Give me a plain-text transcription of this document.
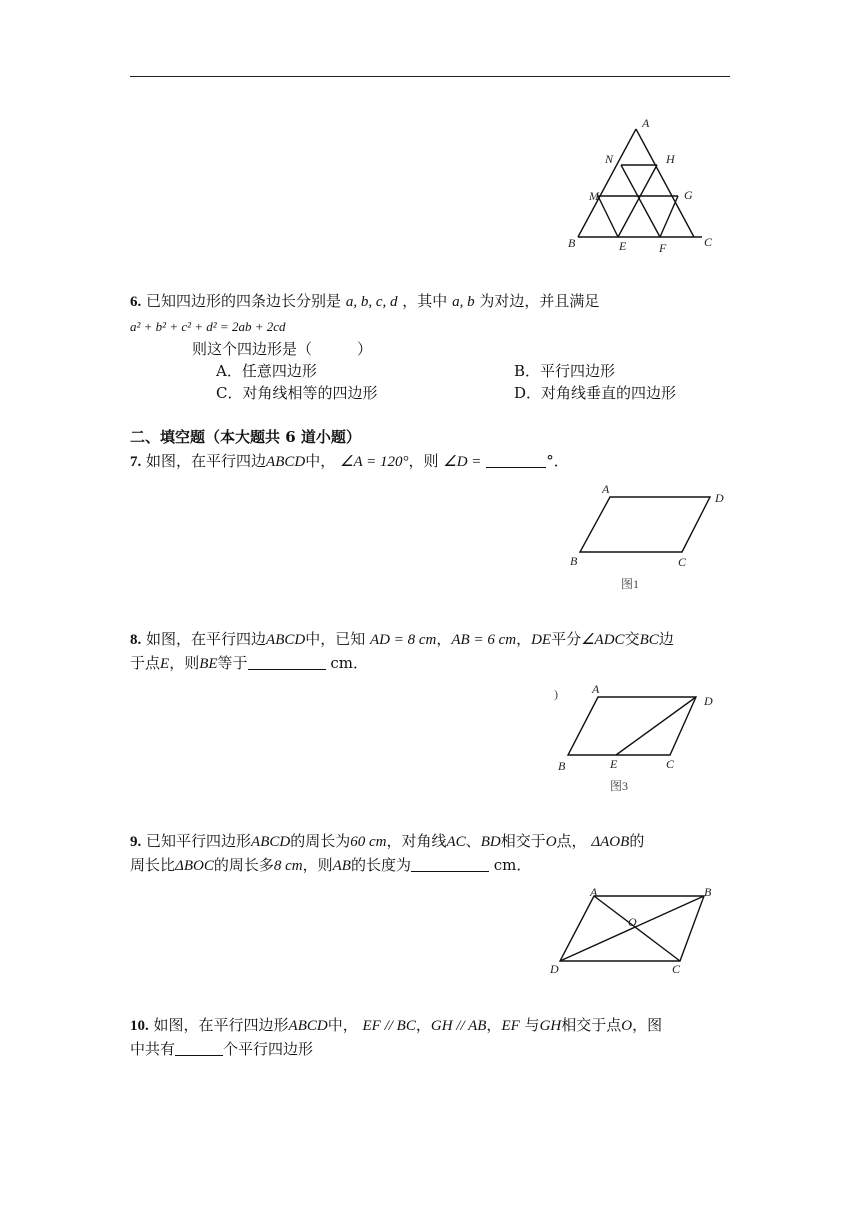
A
N	H
M	G
B	E	F	C
6. 已知四边形的四条边长分别是 a, b, c, d ，其中 a, b 为对边，并且满足
a² + b² + c² + d² = 2ab + 2cd
则这个四边形是（　　　）
A．任意四边形	B．平行四边形
C．对角线相等的四边形	D．对角线垂直的四边形
二、填空题（本大题共 6 道小题）
7. 如图，在平行四边ABCD中， ∠A = 120°，则 ∠D =	°．
A
D
B	C
图1
8. 如图，在平行四边ABCD中，已知 AD = 8 cm，AB = 6 cm，DE平分∠ADC交BC边
于点E，则BE等于	cm．
)	A
D
B	E	C
图3
9. 已知平行四边形ABCD的周长为60 cm，对角线AC、BD相交于O点， ΔAOB的
周长比ΔBOC的周长多8 cm，则AB的长度为	cm．
A	B
O
D	C
10. 如图，在平行四边形ABCD中， EF // BC，GH // AB，EF 与GH相交于点O，图
中共有	个平行四边形
